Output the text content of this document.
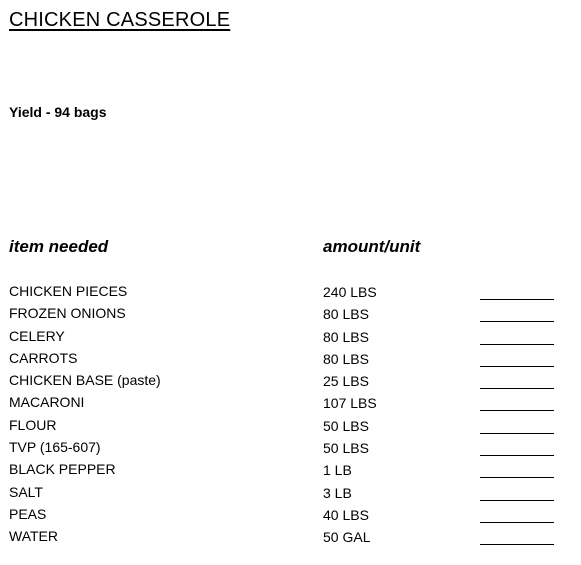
CHICKEN CASSEROLE
Yield - 94 bags
item needed	amount/unit
CHICKEN PIECES	240 LBS
FROZEN ONIONS	80 LBS
CELERY	80 LBS
CARROTS	80 LBS
CHICKEN BASE (paste)	25 LBS
MACARONI	107 LBS
FLOUR	50 LBS
TVP (165-607)	50 LBS
BLACK PEPPER	1 LB
SALT	3 LB
PEAS	40 LBS
WATER	50 GAL
